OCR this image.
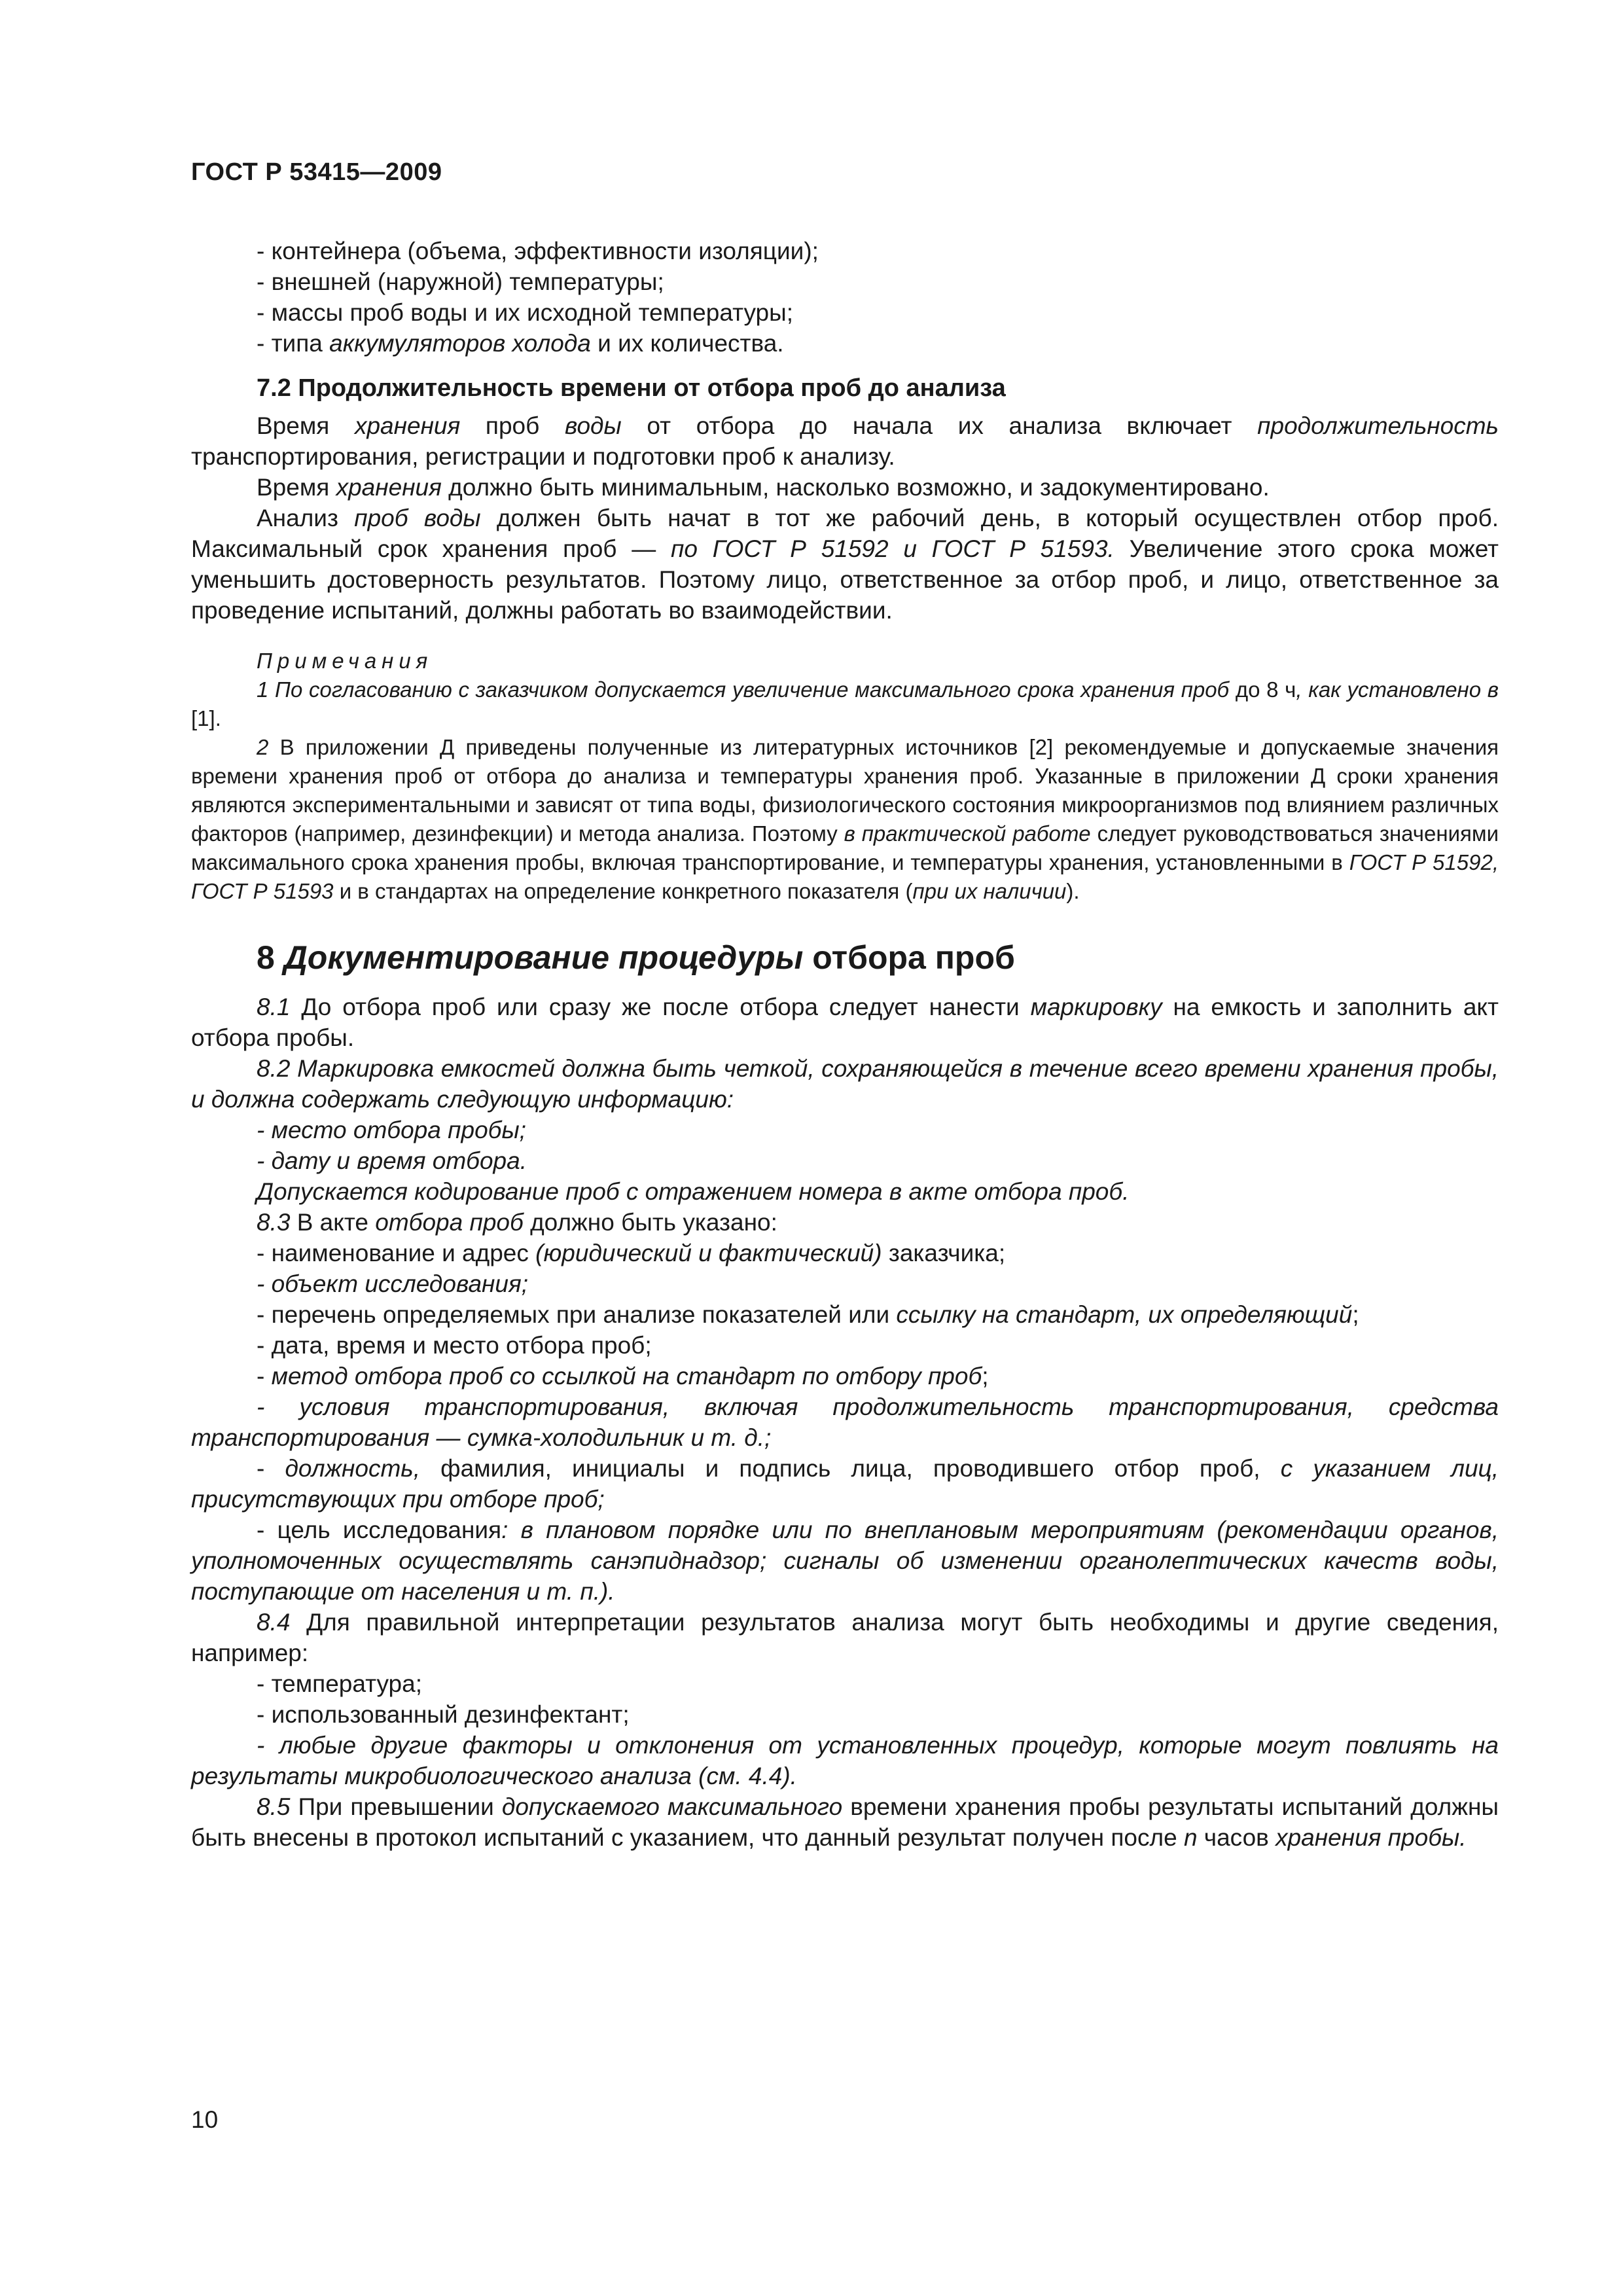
ГОСТ Р 53415—2009

- контейнера (объема, эффективности изоляции);

- внешней (наружной) температуры;

- массы проб воды и их исходной температуры;

- типа аккумуляторов холода и их количества.

7.2 Продолжительность времени от отбора проб до анализа

Время хранения проб воды от отбора до начала их анализа включает продолжительность транспортирования, регистрации и подготовки проб к анализу.

Время хранения должно быть минимальным, насколько возможно, и задокументировано.

Анализ проб воды должен быть начат в тот же рабочий день, в который осуществлен отбор проб. Максимальный срок хранения проб — по ГОСТ Р 51592 и ГОСТ Р 51593. Увеличение этого срока может уменьшить достоверность результатов. Поэтому лицо, ответственное за отбор проб, и лицо, ответственное за проведение испытаний, должны работать во взаимодействии.

Примечания

1 По согласованию с заказчиком допускается увеличение максимального срока хранения проб до 8 ч, как установлено в [1].

2 В приложении Д приведены полученные из литературных источников [2] рекомендуемые и допускаемые значения времени хранения проб от отбора до анализа и температуры хранения проб. Указанные в приложении Д сроки хранения являются экспериментальными и зависят от типа воды, физиологического состояния микроорганизмов под влиянием различных факторов (например, дезинфекции) и метода анализа. Поэтому в практической работе следует руководствоваться значениями максимального срока хранения пробы, включая транспортирование, и температуры хранения, установленными в ГОСТ Р 51592, ГОСТ Р 51593 и в стандартах на определение конкретного показателя (при их наличии).

8 Документирование процедуры отбора проб

8.1 До отбора проб или сразу же после отбора следует нанести маркировку на емкость и заполнить акт отбора пробы.

8.2 Маркировка емкостей должна быть четкой, сохраняющейся в течение всего времени хранения пробы, и должна содержать следующую информацию:

- место отбора пробы;

- дату и время отбора.

Допускается кодирование проб с отражением номера в акте отбора проб.

8.3 В акте отбора проб должно быть указано:

- наименование и адрес (юридический и фактический) заказчика;

- объект исследования;

- перечень определяемых при анализе показателей или ссылку на стандарт, их определяющий;

- дата, время и место отбора проб;

- метод отбора проб со ссылкой на стандарт по отбору проб;

- условия транспортирования, включая продолжительность транспортирования, средства транспортирования — сумка-холодильник и т. д.;

- должность, фамилия, инициалы и подпись лица, проводившего отбор проб, с указанием лиц, присутствующих при отборе проб;

- цель исследования: в плановом порядке или по внеплановым мероприятиям (рекомендации органов, уполномоченных осуществлять санэпиднадзор; сигналы об изменении органолептических качеств воды, поступающие от населения и т. п.).

8.4 Для правильной интерпретации результатов анализа могут быть необходимы и другие сведения, например:

- температура;

- использованный дезинфектант;

- любые другие факторы и отклонения от установленных процедур, которые могут повлиять на результаты микробиологического анализа (см. 4.4).

8.5 При превышении допускаемого максимального времени хранения пробы результаты испытаний должны быть внесены в протокол испытаний с указанием, что данный результат получен после n часов хранения пробы.

10
